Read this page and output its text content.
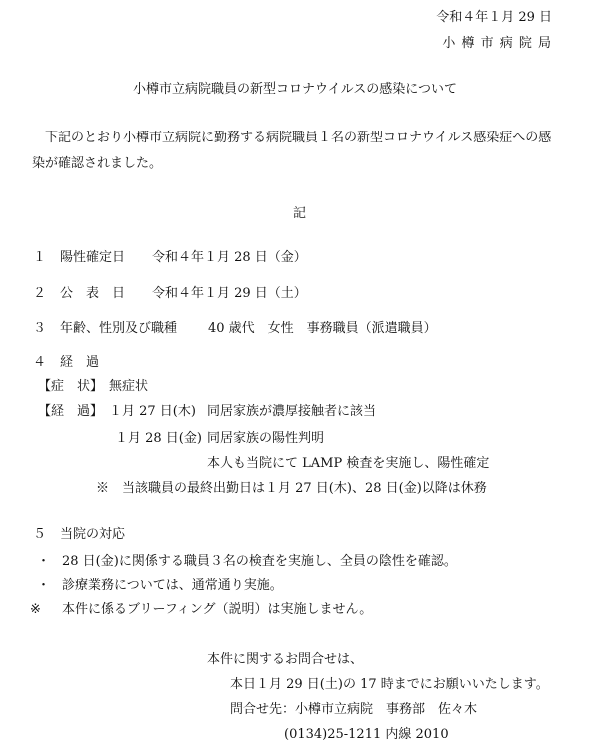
令和４年１月 29 日
小 樽 市 病 院 局
小樽市立病院職員の新型コロナウイルスの感染について
下記のとおり小樽市立病院に勤務する病院職員１名の新型コロナウイルス感染症への感
染が確認されました。
記
１ 陽性確定日 令和４年１月 28 日（金）
２ 公　表　日 令和４年１月 29 日（土）
３ 年齢、性別及び職種 40 歳代　女性　事務職員（派遣職員）
４ 経　過
【症　状】 無症状
【経　過】 １月 27 日(木) 同居家族が濃厚接触者に該当
１月 28 日(金) 同居家族の陽性判明
本人も当院にて LAMP 検査を実施し、陽性確定
※　当該職員の最終出勤日は１月 27 日(木)、28 日(金)以降は休務
５ 当院の対応
・ 28 日(金)に関係する職員３名の検査を実施し、全員の陰性を確認。
・ 診療業務については、通常通り実施。
※ 本件に係るブリーフィング（説明）は実施しません。
本件に関するお問合せは、
本日１月 29 日(土)の 17 時までにお願いいたします。
問合せ先：小樽市立病院　事務部　佐々木
(0134)25-1211 内線 2010
